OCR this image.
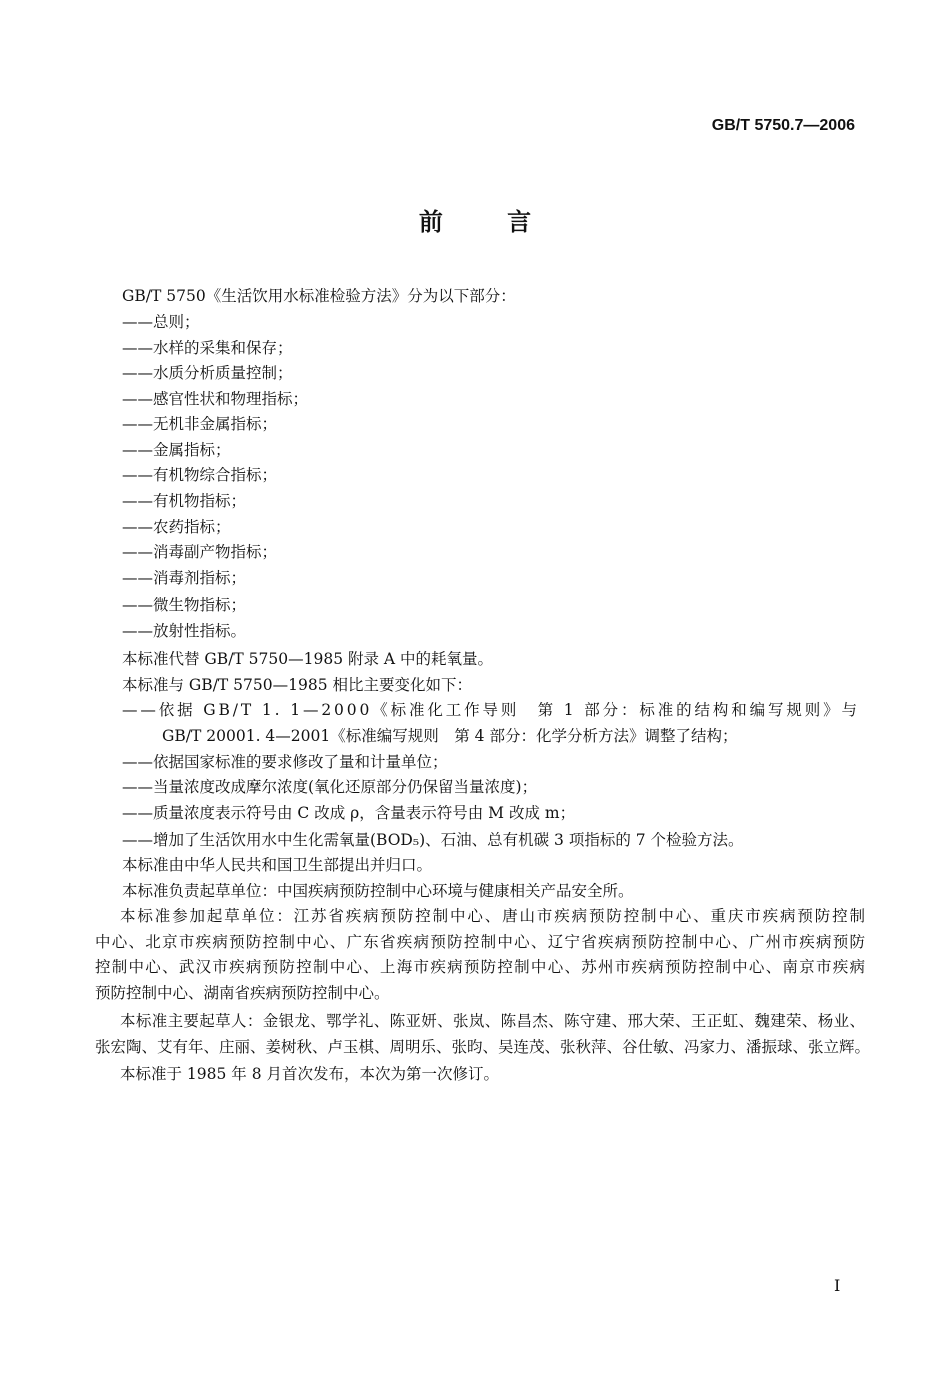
GB/T 5750.7—2006
前 言
GB/T 5750《生活饮用水标准检验方法》分为以下部分：
——总则；
——水样的采集和保存；
——水质分析质量控制；
——感官性状和物理指标；
——无机非金属指标；
——金属指标；
——有机物综合指标；
——有机物指标；
——农药指标；
——消毒副产物指标；
——消毒剂指标；
——微生物指标；
——放射性指标。
本标准代替 GB/T 5750—1985 附录 A 中的耗氧量。
本标准与 GB/T 5750—1985 相比主要变化如下：
——依据 GB/T 1. 1—2000《标准化工作导则　第 1 部分：标准的结构和编写规则》与
GB/T 20001. 4—2001《标准编写规则　第 4 部分：化学分析方法》调整了结构；
——依据国家标准的要求修改了量和计量单位；
——当量浓度改成摩尔浓度(氧化还原部分仍保留当量浓度)；
——质量浓度表示符号由 C 改成 ρ，含量表示符号由 M 改成 m；
——增加了生活饮用水中生化需氧量(BOD₅)、石油、总有机碳 3 项指标的 7 个检验方法。
本标准由中华人民共和国卫生部提出并归口。
本标准负责起草单位：中国疾病预防控制中心环境与健康相关产品安全所。
本标准参加起草单位：江苏省疾病预防控制中心、唐山市疾病预防控制中心、重庆市疾病预防控制
中心、北京市疾病预防控制中心、广东省疾病预防控制中心、辽宁省疾病预防控制中心、广州市疾病预防
控制中心、武汉市疾病预防控制中心、上海市疾病预防控制中心、苏州市疾病预防控制中心、南京市疾病
预防控制中心、湖南省疾病预防控制中心。
本标准主要起草人：金银龙、鄂学礼、陈亚妍、张岚、陈昌杰、陈守建、邢大荣、王正虹、魏建荣、杨业、
张宏陶、艾有年、庄丽、姜树秋、卢玉棋、周明乐、张昀、吴连茂、张秋萍、谷仕敏、冯家力、潘振球、张立辉。
本标准于 1985 年 8 月首次发布，本次为第一次修订。
I
